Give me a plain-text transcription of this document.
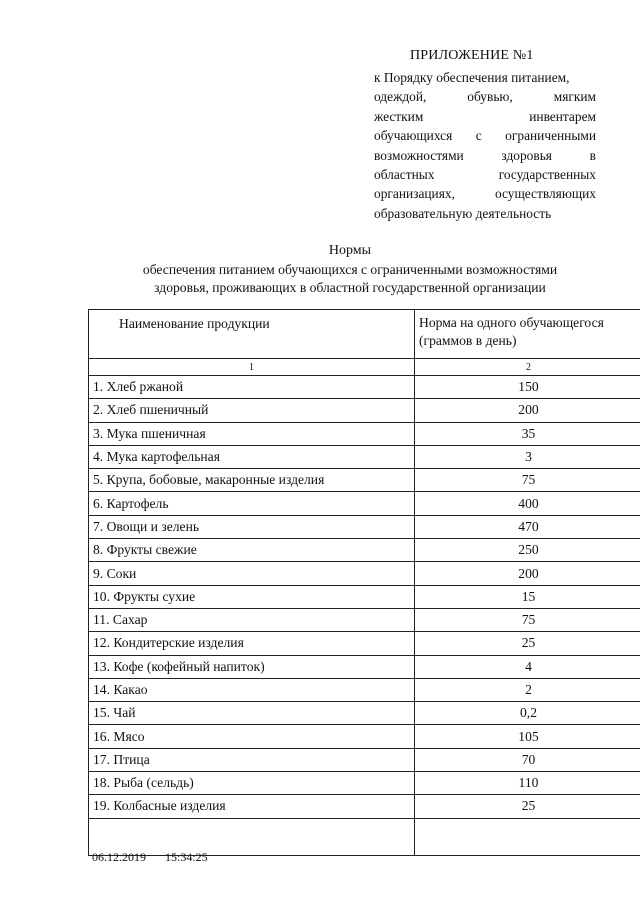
ПРИЛОЖЕНИЕ №1
к Порядку обеспечения питанием,
одеждой, обувью, мягким
жестким инвентарем
обучающихся с ограниченными
возможностями здоровья в
областных государственных
организациях, осуществляющих
образовательную деятельность
Нормы
обеспечения питанием обучающихся с ограниченными возможностями
здоровья, проживающих в областной государственной организации
Наименование продукции	Норма на одного обучающегося
(граммов в день)

1	2
1. Хлеб ржаной	150
2. Хлеб пшеничный	200
3. Мука пшеничная	35
4. Мука картофельная	3
5. Крупа, бобовые, макаронные изделия	75
6. Картофель	400
7. Овощи и зелень	470
8. Фрукты свежие	250
9. Соки	200
10. Фрукты сухие	15
11. Сахар	75
12. Кондитерские изделия	25
13. Кофе (кофейный напиток)	4
14. Какао	2
15. Чай	0,2
16. Мясо	105
17. Птица	70
18. Рыба (сельдь)	110
19. Колбасные изделия	25

06.12.2019 15:34:25
